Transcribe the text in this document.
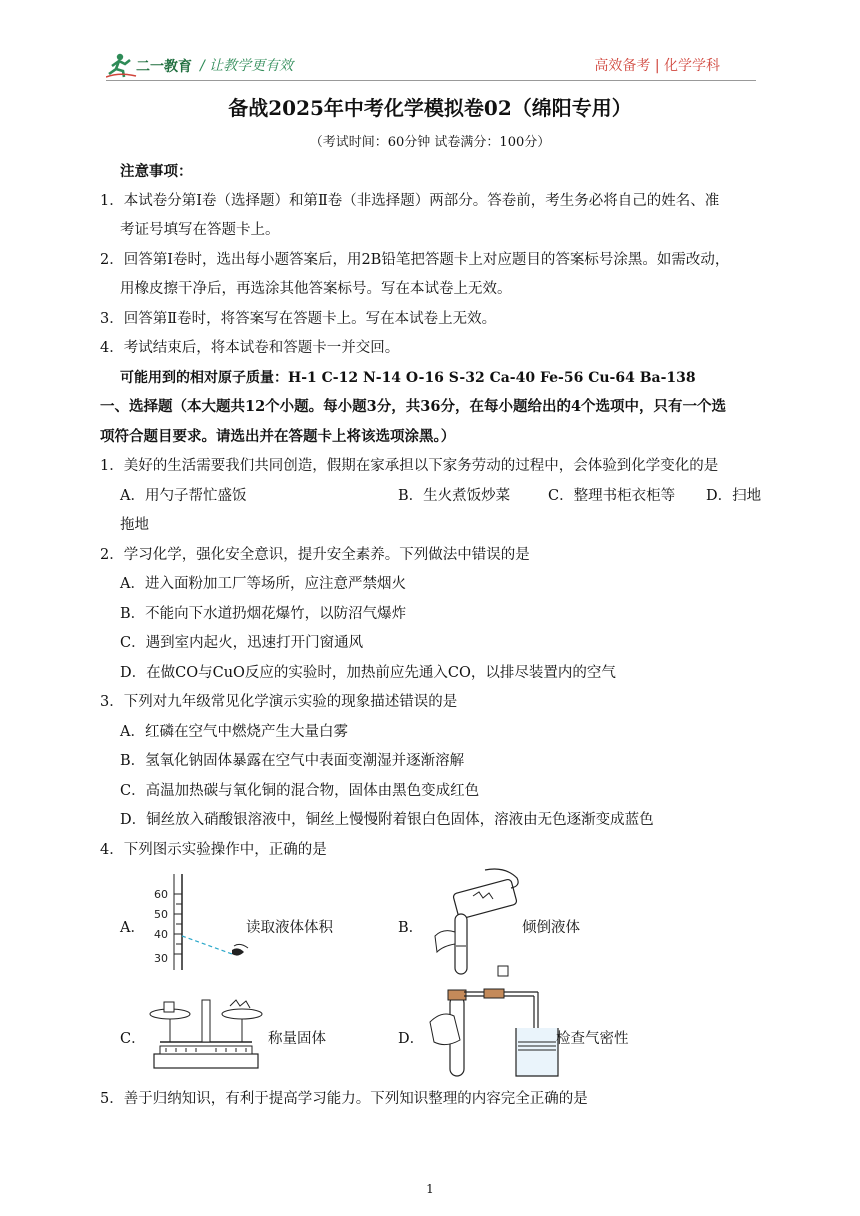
二一教育 / 让教学更有效	高效备考 | 化学学科
备战2025年中考化学模拟卷02（绵阳专用）
（考试时间：60分钟 试卷满分：100分）
注意事项：
1．本试卷分第Ⅰ卷（选择题）和第Ⅱ卷（非选择题）两部分。答卷前，考生务必将自己的姓名、准
考证号填写在答题卡上。
2．回答第Ⅰ卷时，选出每小题答案后，用2B铅笔把答题卡上对应题目的答案标号涂黑。如需改动，
用橡皮擦干净后，再选涂其他答案标号。写在本试卷上无效。
3．回答第Ⅱ卷时，将答案写在答题卡上。写在本试卷上无效。
4．考试结束后，将本试卷和答题卡一并交回。
可能用到的相对原子质量：H-1 C-12 N-14 O-16 S-32 Ca-40 Fe-56 Cu-64 Ba-138
一、选择题（本大题共12个小题。每小题3分，共36分，在每小题给出的4个选项中，只有一个选
项符合题目要求。请选出并在答题卡上将该选项涂黑。）
1．美好的生活需要我们共同创造，假期在家承担以下家务劳动的过程中，会体验到化学变化的是
A．用勺子帮忙盛饭	B．生火煮饭炒菜	C．整理书柜衣柜等 D．扫地
拖地
2．学习化学，强化安全意识，提升安全素养。下列做法中错误的是
A．进入面粉加工厂等场所，应注意严禁烟火
B．不能向下水道扔烟花爆竹，以防沼气爆炸
C．遇到室内起火，迅速打开门窗通风
D．在做CO与CuO反应的实验时，加热前应先通入CO，以排尽装置内的空气
3．下列对九年级常见化学演示实验的现象描述错误的是
A．红磷在空气中燃烧产生大量白雾
B．氢氧化钠固体暴露在空气中表面变潮湿并逐渐溶解
C．高温加热碳与氧化铜的混合物，固体由黑色变成红色
D．铜丝放入硝酸银溶液中，铜丝上慢慢附着银白色固体，溶液由无色逐渐变成蓝色
4．下列图示实验操作中，正确的是
A．
60
50
40
30
读取液体体积	B．	倾倒液体
C．	称量固体	D．	检查气密性
5．善于归纳知识，有利于提高学习能力。下列知识整理的内容完全正确的是
1
